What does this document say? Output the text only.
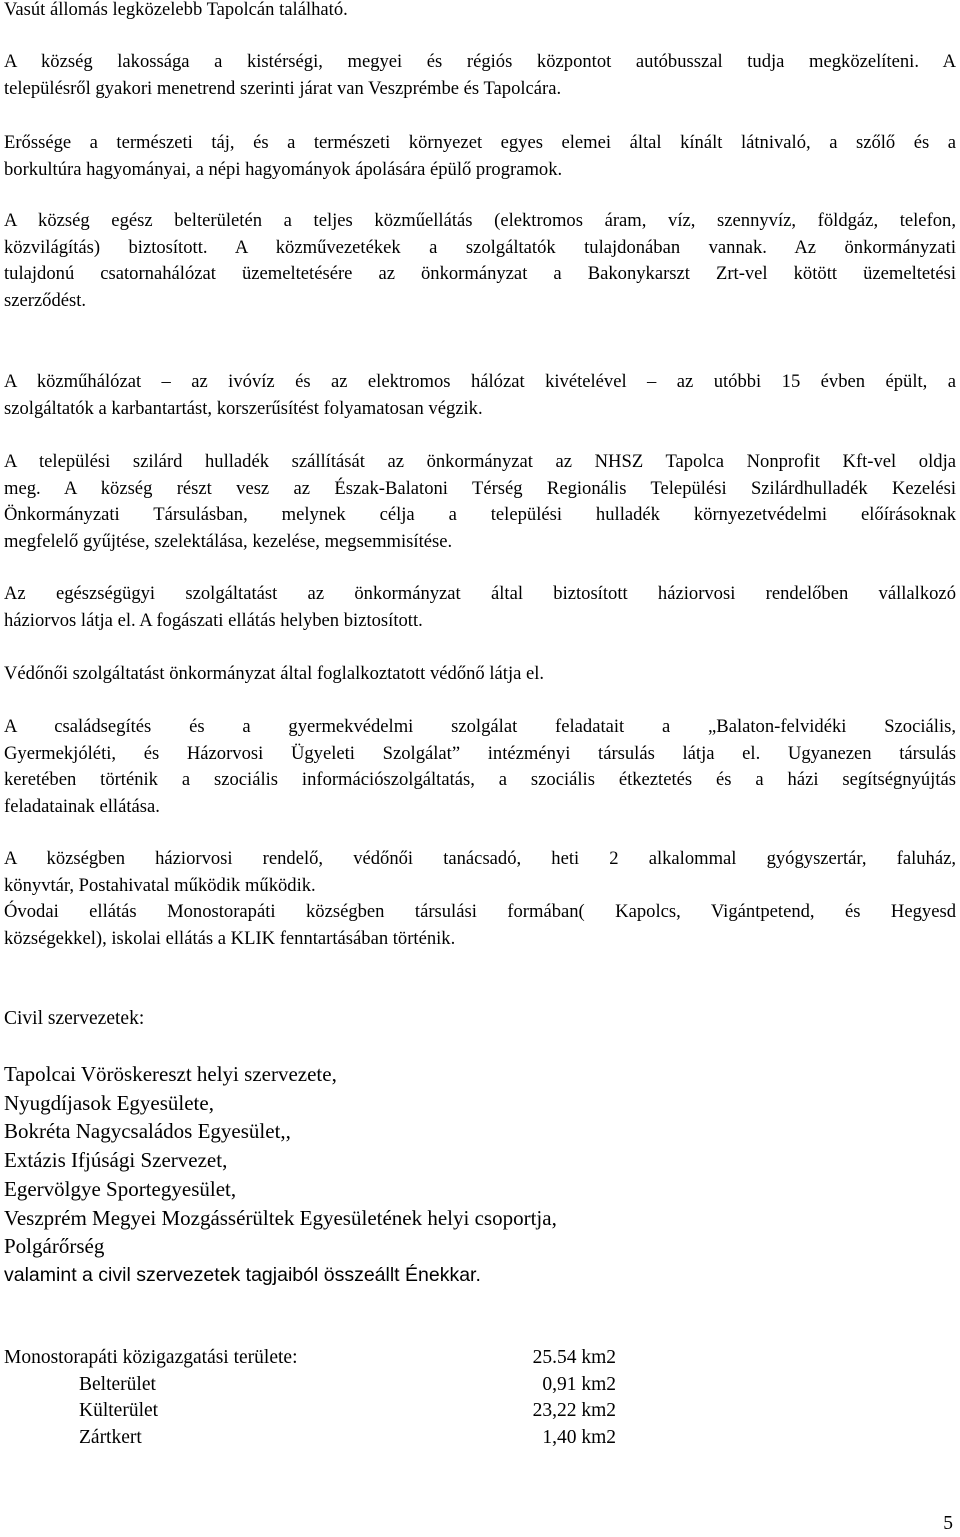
Vasút állomás legközelebb Tapolcán található.
A község lakossága a kistérségi, megyei és régiós központot autóbusszal tudja megközelíteni. A
településről gyakori menetrend szerinti járat van Veszprémbe és Tapolcára.
Erőssége a természeti táj, és a természeti környezet egyes elemei által kínált látnivaló, a szőlő és a
borkultúra hagyományai, a népi hagyományok ápolására épülő programok.
A község egész belterületén a teljes közműellátás (elektromos áram, víz, szennyvíz, földgáz, telefon,
közvilágítás) biztosított. A közművezetékek a szolgáltatók tulajdonában vannak. Az önkormányzati
tulajdonú csatornahálózat üzemeltetésére az önkormányzat a Bakonykarszt Zrt-vel kötött üzemeltetési
szerződést.
A közműhálózat – az ivóvíz és az elektromos hálózat kivételével – az utóbbi 15 évben épült, a
szolgáltatók a karbantartást, korszerűsítést folyamatosan végzik.
A települési szilárd hulladék szállítását az önkormányzat az NHSZ Tapolca Nonprofit Kft-vel oldja
meg. A község részt vesz az Észak-Balatoni Térség Regionális Települési Szilárdhulladék Kezelési
Önkormányzati Társulásban, melynek célja a települési hulladék környezetvédelmi előírásoknak
megfelelő gyűjtése, szelektálása, kezelése, megsemmisítése.
Az egészségügyi szolgáltatást az önkormányzat által biztosított háziorvosi rendelőben vállalkozó
háziorvos látja el. A fogászati ellátás helyben biztosított.
Védőnői szolgáltatást önkormányzat által foglalkoztatott védőnő látja el.
A családsegítés és a gyermekvédelmi szolgálat feladatait a „Balaton-felvidéki Szociális,
Gyermekjóléti, és Házorvosi Ügyeleti Szolgálat” intézményi társulás látja el. Ugyanezen társulás
keretében történik a szociális információszolgáltatás, a szociális étkeztetés és a házi segítségnyújtás
feladatainak ellátása.
A községben háziorvosi rendelő, védőnői tanácsadó, heti 2 alkalommal gyógyszertár, faluház,
könyvtár, Postahivatal működik működik.
Óvodai ellátás Monostorapáti községben társulási formában( Kapolcs, Vigántpetend, és Hegyesd
községekkel), iskolai ellátás a KLIK fenntartásában történik.

Civil szervezetek:

Tapolcai Vöröskereszt helyi szervezete,
Nyugdíjasok Egyesülete,
Bokréta Nagycsaládos Egyesület,,
Extázis Ifjúsági Szervezet,
Egervölgye Sportegyesület,
Veszprém Megyei Mozgássérültek Egyesületének helyi csoportja,
Polgárőrség
valamint a civil szervezetek tagjaiból összeállt Énekkar.
Monostorapáti közigazgatási területe:	25.54 km2
Belterület	0,91 km2
Külterület	23,22 km2
Zártkert	1,40 km2
5
